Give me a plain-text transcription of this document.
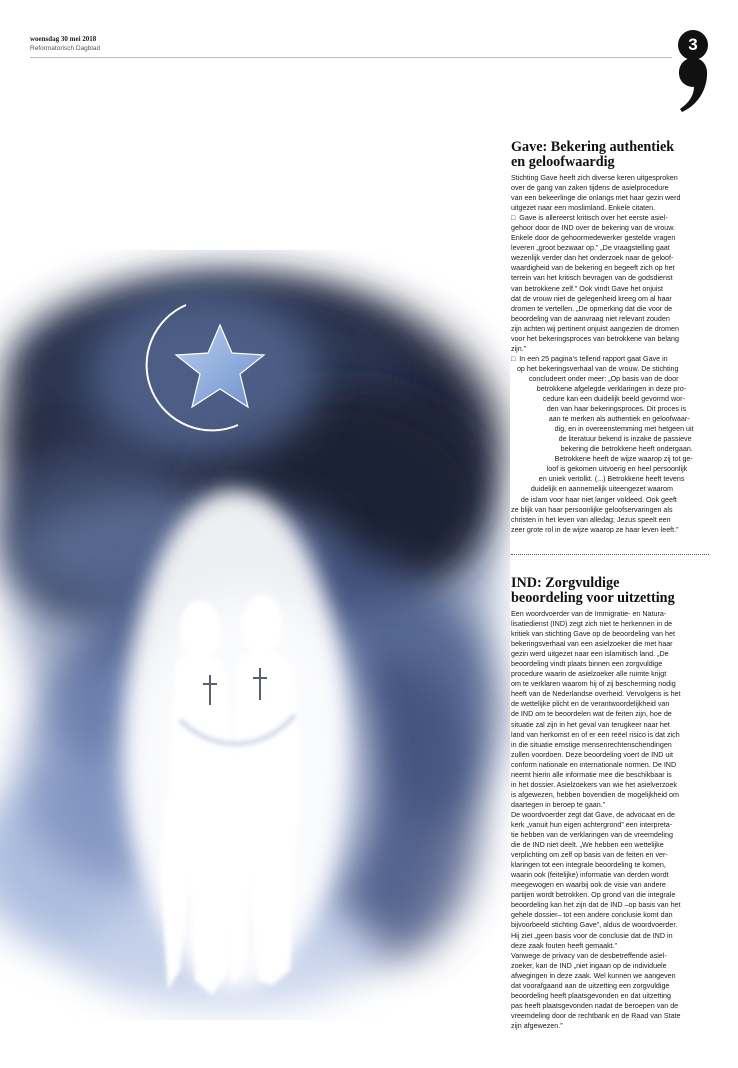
woensdag 30 mei 2018
Reformatorisch Dagblad	3
Gave: Bekering authentiek
en geloofwaardig

Stichting Gave heeft zich diverse keren uitgesproken
over de gang van zaken tijdens de asielprocedure
van een bekeerlinge die onlangs met haar gezin werd
uitgezet naar een moslimland. Enkele citaten.

□  Gave is allereerst kritisch over het eerste asiel-
gehoor door de IND over de bekering van de vrouw.
Enkele door de gehoormedewerker gestelde vragen
leveren „groot bezwaar op.” „De vraagstelling gaat
wezenlijk verder dan het onderzoek naar de geloof-
waardigheid van de bekering en begeeft zich op het
terrein van het kritisch bevragen van de godsdienst
van betrokkene zelf.” Ook vindt Gave het onjuist
dat de vrouw niet de gelegenheid kreeg om al haar
dromen te vertellen. „De opmerking dat die voor de
beoordeling van de aanvraag niet relevant zouden
zijn achten wij pertinent onjuist aangezien de dromen
voor het bekeringsproces van betrokkene van belang
zijn.”

□  In een 25 pagina’s tellend rapport gaat Gave in
op het bekeringsverhaal van de vrouw. De stichting
concludeert onder meer: „Op basis van de door
betrokkene afgelegde verklaringen in deze pro-
cedure kan een duidelijk beeld gevormd wor-
den van haar bekeringsproces. Dit proces is
aan te merken als authentiek en geloofwaar-
dig, en in overeenstemming met hetgeen uit
de literatuur bekend is inzake de passieve
bekering die betrokkene heeft ondergaan.
Betrokkene heeft de wijze waarop zij tot ge-
loof is gekomen uitvoerig en heel persoonlijk
en uniek vertolkt. (...) Betrokkene heeft tevens
duidelijk en aannemelijk uiteengezet waarom
de islam voor haar niet langer voldeed. Ook geeft
ze blijk van haar persoonlijke geloofservaringen als
christen in het leven van alledag; Jezus speelt een
zeer grote rol in de wijze waarop ze haar leven leeft.”

IND: Zorgvuldige
beoordeling voor uitzetting

Een woordvoerder van de Immigratie- en Natura-
lisatiedienst (IND) zegt zich niet te herkennen in de
kritiek van stichting Gave op de beoordeling van het
bekeringsverhaal van een asielzoeker die met haar
gezin werd uitgezet naar een islamitisch land. „De
beoordeling vindt plaats binnen een zorgvuldige
procedure waarin de asielzoeker alle ruimte krijgt
om te verklaren waarom hij of zij bescherming nodig
heeft van de Nederlandse overheid. Vervolgens is het
de wettelijke plicht en de verantwoordelijkheid van
de IND om te beoordelen wat de feiten zijn, hoe de
situatie zal zijn in het geval van terugkeer naar het
land van herkomst en of er een reëel risico is dat zich
in die situatie ernstige mensenrechtenschendingen
zullen voordoen. Deze beoordeling voert de IND uit
conform nationale en internationale normen. De IND
neemt hierin alle informatie mee die beschikbaar is
in het dossier. Asielzoekers van wie het asielverzoek
is afgewezen, hebben bovendien de mogelijkheid om
daartegen in beroep te gaan.”

De woordvoerder zegt dat Gave, de advocaat en de
kerk „vanuit hun eigen achtergrond” een interpreta-
tie hebben van de verklaringen van de vreemdeling
die de IND niet deelt. „We hebben een wettelijke
verplichting om zelf op basis van de feiten en ver-
klaringen tot een integrale beoordeling te komen,
waarin ook (feitelijke) informatie van derden wordt
meegewogen en waarbij ook de visie van andere
partijen wordt betrokken. Op grond van die integrale
beoordeling kan het zijn dat de IND –op basis van het
gehele dossier– tot een andere conclusie komt dan
bijvoorbeeld stichting Gave”, aldus de woordvoerder.
Hij ziet „geen basis voor de conclusie dat de IND in
deze zaak fouten heeft gemaakt.”

Vanwege de privacy van de desbetreffende asiel-
zoeker, kan de IND „niet ingaan op de individuele
afwegingen in deze zaak. Wel kunnen we aangeven
dat voorafgaand aan de uitzetting een zorgvuldige
beoordeling heeft plaatsgevonden en dat uitzetting
pas heeft plaatsgevonden nadat de beroepen van de
vreemdeling door de rechtbank en de Raad van State
zijn afgewezen.”
